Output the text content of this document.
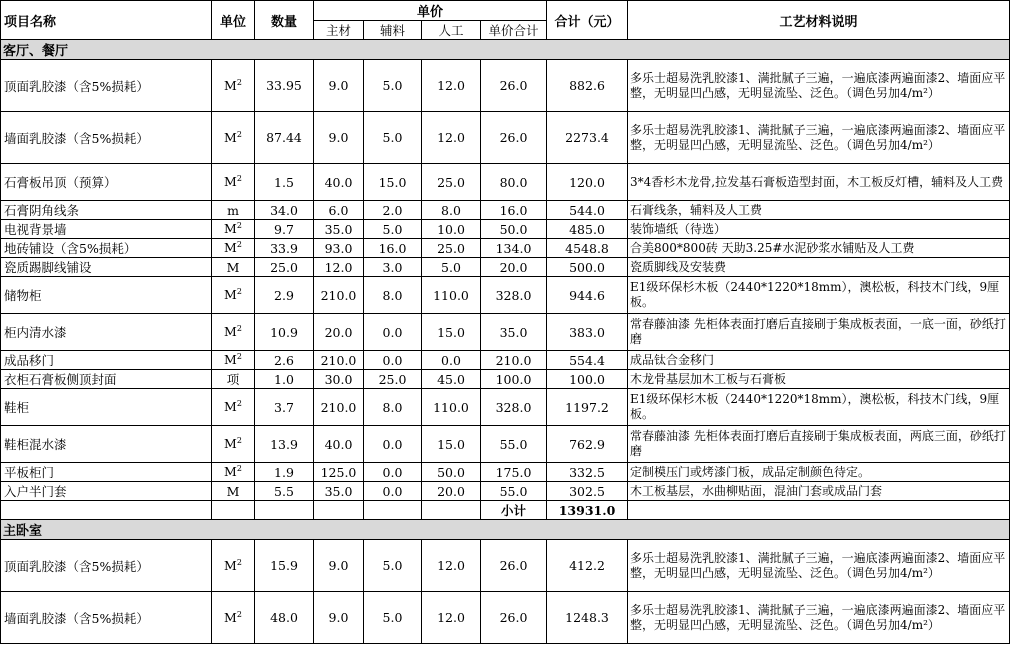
项目名称	单位	数量	单价				合计（元）	工艺材料说明
			主材	辅料	人工	单价合计		
客厅、餐厅								
顶面乳胶漆（含5%损耗）	$M^2$	33.95	9.0	5.0	12.0	26.0	882.6	多乐士超易洗乳胶漆1、满批腻子三遍，一遍底漆两遍面漆2、墙面应平整，无明显凹凸感，无明显流坠、泛色。（调色另加4/m²）
墙面乳胶漆（含5%损耗）	$M^2$	87.44	9.0	5.0	12.0	26.0	2273.4	多乐士超易洗乳胶漆1、满批腻子三遍，一遍底漆两遍面漆2、墙面应平整，无明显凹凸感，无明显流坠、泛色。（调色另加4/m²）
石膏板吊顶（预算）	$M^2$	1.5	40.0	15.0	25.0	80.0	120.0	3*4香杉木龙骨,拉发基石膏板造型封面，木工板反灯槽，辅料及人工费
石膏阴角线条	m	34.0	6.0	2.0	8.0	16.0	544.0	石膏线条，辅料及人工费
电视背景墙	$M^2$	9.7	35.0	5.0	10.0	50.0	485.0	装饰墙纸（待选）
地砖铺设（含5%损耗）	$M^2$	33.9	93.0	16.0	25.0	134.0	4548.8	合美800*800砖 天助3.25#水泥砂浆水铺贴及人工费
瓷质踢脚线铺设	M	25.0	12.0	3.0	5.0	20.0	500.0	瓷质脚线及安装费
储物柜	$M^2$	2.9	210.0	8.0	110.0	328.0	944.6	E1级环保杉木板（2440*1220*18mm），澳松板，科技木门线，9厘板。
柜内清水漆	$M^2$	10.9	20.0	0.0	15.0	35.0	383.0	常春藤油漆 先柜体表面打磨后直接刷于集成板表面，一底一面，砂纸打磨
成品移门	$M^2$	2.6	210.0	0.0	0.0	210.0	554.4	成品钛合金移门
衣柜石膏板侧顶封面	项	1.0	30.0	25.0	45.0	100.0	100.0	木龙骨基层加木工板与石膏板
鞋柜	$M^2$	3.7	210.0	8.0	110.0	328.0	1197.2	E1级环保杉木板（2440*1220*18mm），澳松板，科技木门线，9厘板。
鞋柜混水漆	$M^2$	13.9	40.0	0.0	15.0	55.0	762.9	常春藤油漆 先柜体表面打磨后直接刷于集成板表面，两底三面，砂纸打磨
平板柜门	$M^2$	1.9	125.0	0.0	50.0	175.0	332.5	定制模压门或烤漆门板，成品定制颜色待定。
入户半门套	M	5.5	35.0	0.0	20.0	55.0	302.5	木工板基层，水曲柳贴面，混油门套或成品门套
						小计	13931.0	
主卧室								
顶面乳胶漆（含5%损耗）	$M^2$	15.9	9.0	5.0	12.0	26.0	412.2	多乐士超易洗乳胶漆1、满批腻子三遍，一遍底漆两遍面漆2、墙面应平整，无明显凹凸感，无明显流坠、泛色。（调色另加4/m²）
墙面乳胶漆（含5%损耗）	$M^2$	48.0	9.0	5.0	12.0	26.0	1248.3	多乐士超易洗乳胶漆1、满批腻子三遍，一遍底漆两遍面漆2、墙面应平整，无明显凹凸感，无明显流坠、泛色。（调色另加4/m²）
